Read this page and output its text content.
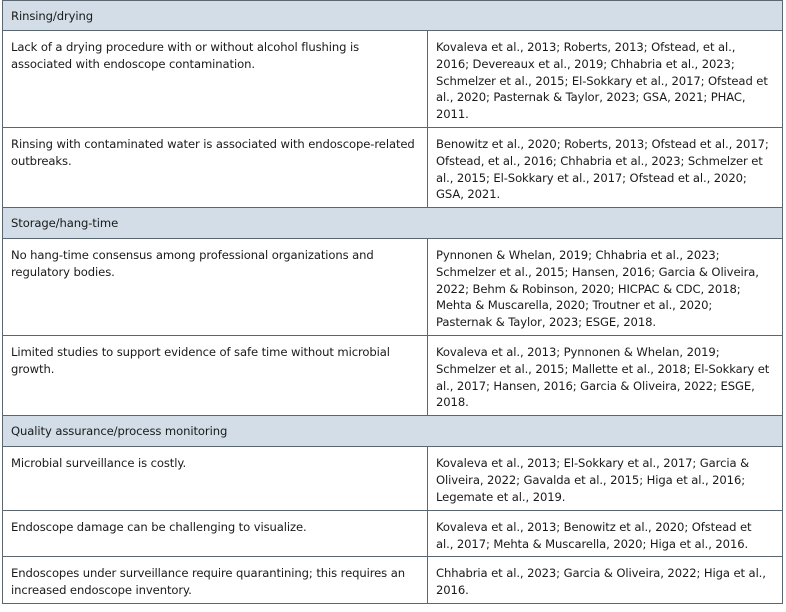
Rinsing/drying
Lack of a drying procedure with or without alcohol flushing is associated with endoscope contamination.
Kovaleva et al., 2013; Roberts, 2013; Ofstead, et al., 2016; Devereaux et al., 2019; Chhabria et al., 2023; Schmelzer et al., 2015; El-Sokkary et al., 2017; Ofstead et al., 2020; Pasternak & Taylor, 2023; GSA, 2021; PHAC, 2011.
Rinsing with contaminated water is associated with endoscope-related outbreaks.
Benowitz et al., 2020; Roberts, 2013; Ofstead et al., 2017; Ofstead, et al., 2016; Chhabria et al., 2023; Schmelzer et al., 2015; El-Sokkary et al., 2017; Ofstead et al., 2020; GSA, 2021.
Storage/hang-time
No hang-time consensus among professional organizations and regulatory bodies.
Pynnonen & Whelan, 2019; Chhabria et al., 2023; Schmelzer et al., 2015; Hansen, 2016; Garcia & Oliveira, 2022; Behm & Robinson, 2020; HICPAC & CDC, 2018; Mehta & Muscarella, 2020; Troutner et al., 2020; Pasternak & Taylor, 2023; ESGE, 2018.
Limited studies to support evidence of safe time without microbial growth.
Kovaleva et al., 2013; Pynnonen & Whelan, 2019; Schmelzer et al., 2015; Mallette et al., 2018; El-Sokkary et al., 2017; Hansen, 2016; Garcia & Oliveira, 2022; ESGE, 2018.
Quality assurance/process monitoring
Microbial surveillance is costly.	Kovaleva et al., 2013; El-Sokkary et al., 2017; Garcia & Oliveira, 2022; Gavalda et al., 2015; Higa et al., 2016; Legemate et al., 2019.
Endoscope damage can be challenging to visualize.	Kovaleva et al., 2013; Benowitz et al., 2020; Ofstead et al., 2017; Mehta & Muscarella, 2020; Higa et al., 2016.
Endoscopes under surveillance require quarantining; this requires an increased endoscope inventory.
Chhabria et al., 2023; Garcia & Oliveira, 2022; Higa et al., 2016.
